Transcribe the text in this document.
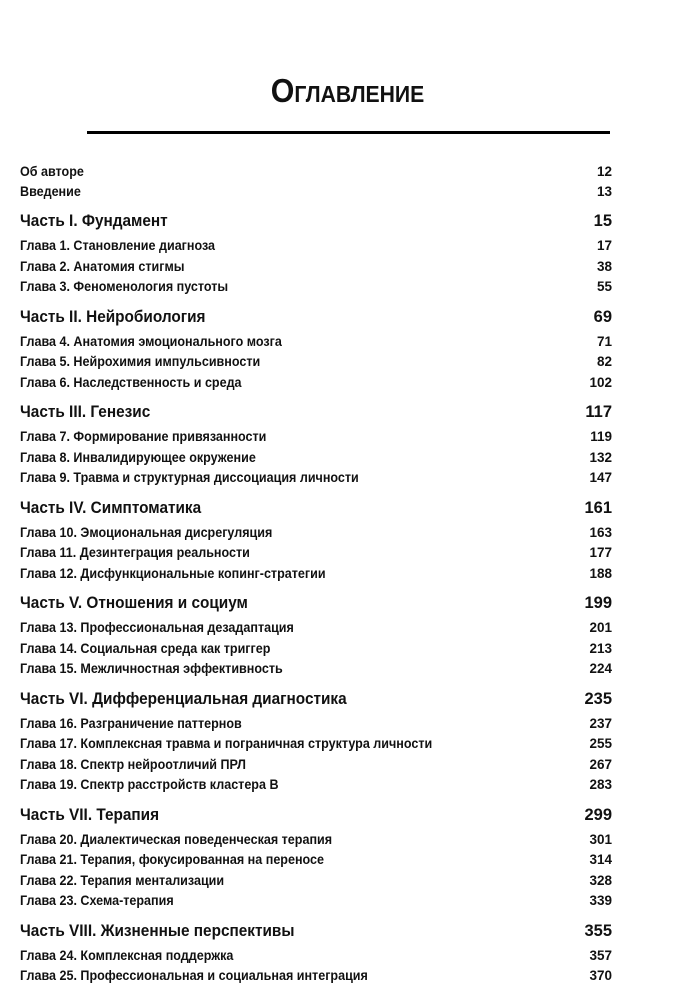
Оглавление
Об авторе	12
Введение	13
Часть I. Фундамент	15
Глава 1. Становление диагноза	17
Глава 2. Анатомия стигмы	38
Глава 3. Феноменология пустоты	55
Часть II. Нейробиология	69
Глава 4. Анатомия эмоционального мозга	71
Глава 5. Нейрохимия импульсивности	82
Глава 6. Наследственность и среда	102
Часть III. Генезис	117
Глава 7. Формирование привязанности	119
Глава 8. Инвалидирующее окружение	132
Глава 9. Травма и структурная диссоциация личности	147
Часть IV. Симптоматика	161
Глава 10. Эмоциональная дисрегуляция	163
Глава 11. Дезинтеграция реальности	177
Глава 12. Дисфункциональные копинг-стратегии	188
Часть V. Отношения и социум	199
Глава 13. Профессиональная дезадаптация	201
Глава 14. Социальная среда как триггер	213
Глава 15. Межличностная эффективность	224
Часть VI. Дифференциальная диагностика	235
Глава 16. Разграничение паттернов	237
Глава 17. Комплексная травма и пограничная структура личности	255
Глава 18. Спектр нейроотличий ПРЛ	267
Глава 19. Спектр расстройств кластера В	283
Часть VII. Терапия	299
Глава 20. Диалектическая поведенческая терапия	301
Глава 21. Терапия, фокусированная на переносе	314
Глава 22. Терапия ментализации	328
Глава 23. Схема-терапия	339
Часть VIII. Жизненные перспективы	355
Глава 24. Комплексная поддержка	357
Глава 25. Профессиональная и социальная интеграция	370
